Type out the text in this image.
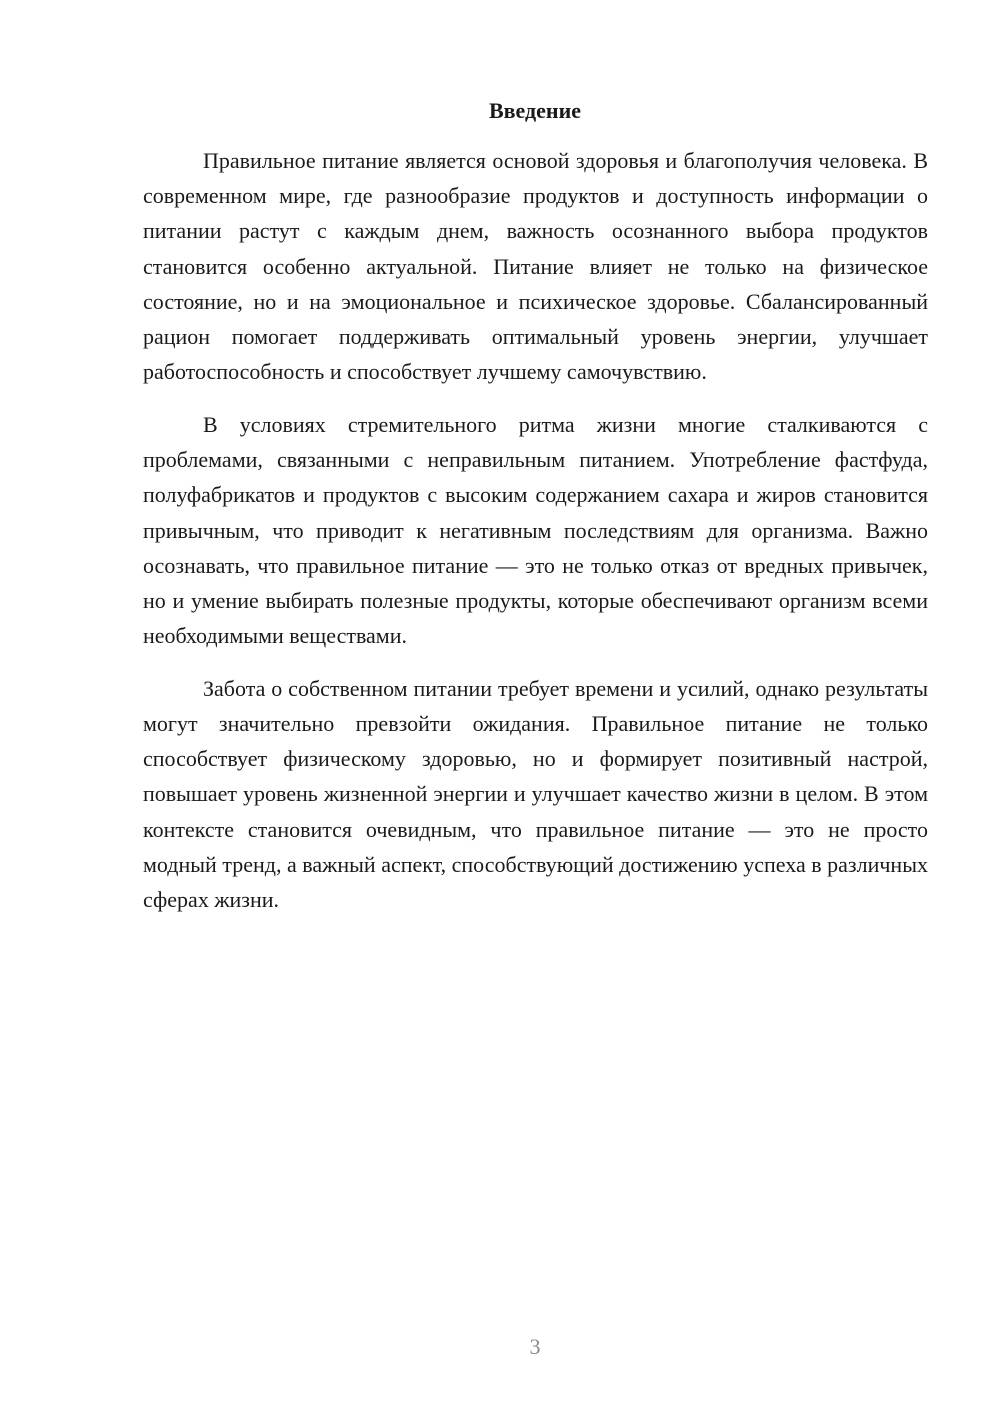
Введение

Правильное питание является основой здоровья и благополучия человека. В современном мире, где разнообразие продуктов и доступность информации о питании растут с каждым днем, важность осознанного выбора продуктов становится особенно актуальной. Питание влияет не только на физическое состояние, но и на эмоциональное и психическое здоровье. Сбалансированный рацион помогает поддерживать оптимальный уровень энергии, улучшает работоспособность и способствует лучшему самочувствию.

В условиях стремительного ритма жизни многие сталкиваются с проблемами, связанными с неправильным питанием. Употребление фастфуда, полуфабрикатов и продуктов с высоким содержанием сахара и жиров становится привычным, что приводит к негативным последствиям для организма. Важно осознавать, что правильное питание — это не только отказ от вредных привычек, но и умение выбирать полезные продукты, которые обеспечивают организм всеми необходимыми веществами.

Забота о собственном питании требует времени и усилий, однако результаты могут значительно превзойти ожидания. Правильное питание не только способствует физическому здоровью, но и формирует позитивный настрой, повышает уровень жизненной энергии и улучшает качество жизни в целом. В этом контексте становится очевидным, что правильное питание — это не просто модный тренд, а важный аспект, способствующий достижению успеха в различных сферах жизни.

3
